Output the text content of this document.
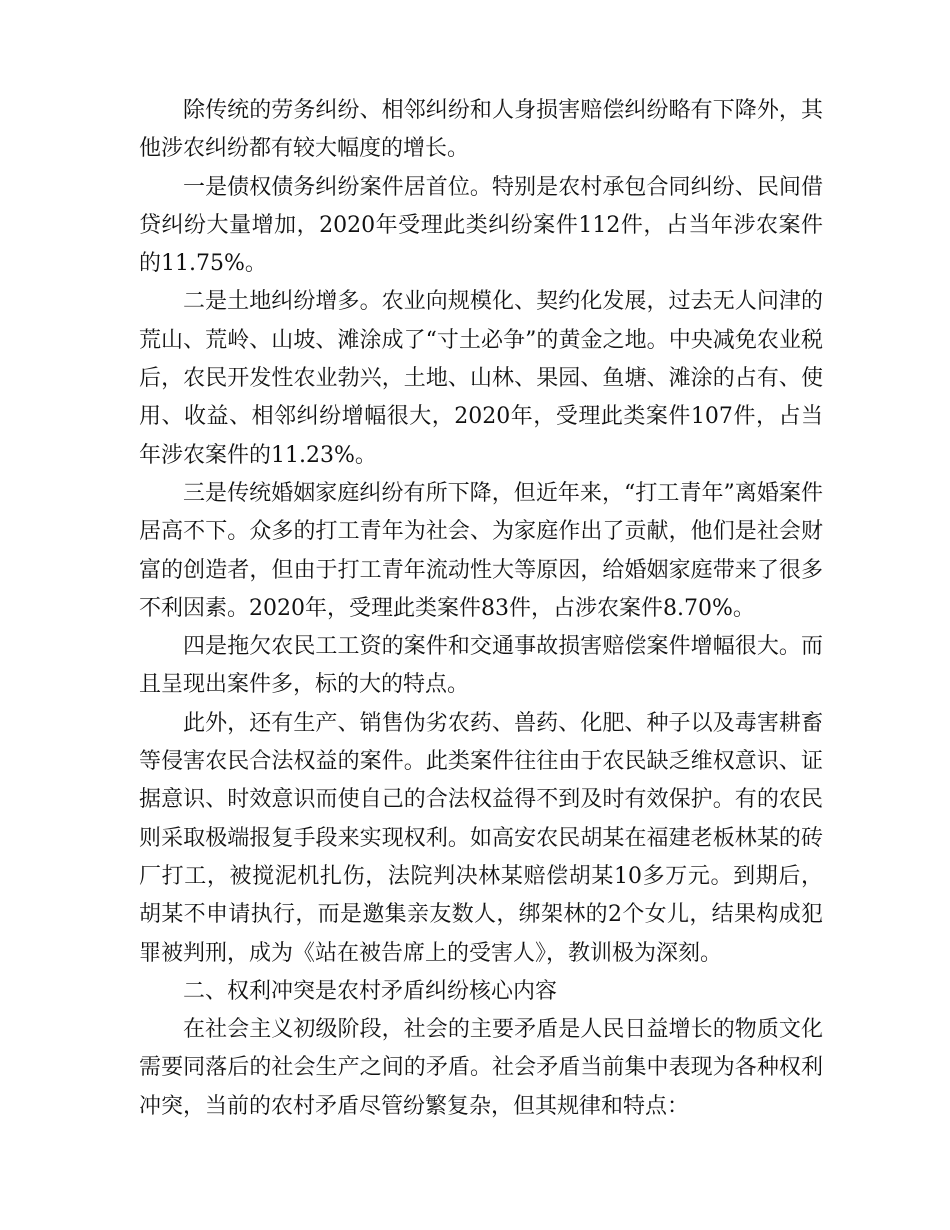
除传统的劳务纠纷、相邻纠纷和人身损害赔偿纠纷略有下降外，其他涉农纠纷都有较大幅度的增长。

一是债权债务纠纷案件居首位。特别是农村承包合同纠纷、民间借贷纠纷大量增加，2020年受理此类纠纷案件112件，占当年涉农案件的11.75%。

二是土地纠纷增多。农业向规模化、契约化发展，过去无人问津的荒山、荒岭、山坡、滩涂成了“寸土必争”的黄金之地。中央减免农业税后，农民开发性农业勃兴，土地、山林、果园、鱼塘、滩涂的占有、使用、收益、相邻纠纷增幅很大，2020年，受理此类案件107件，占当年涉农案件的11.23%。

三是传统婚姻家庭纠纷有所下降，但近年来，“打工青年”离婚案件居高不下。众多的打工青年为社会、为家庭作出了贡献，他们是社会财富的创造者，但由于打工青年流动性大等原因，给婚姻家庭带来了很多不利因素。2020年，受理此类案件83件，占涉农案件8.70%。

四是拖欠农民工工资的案件和交通事故损害赔偿案件增幅很大。而且呈现出案件多，标的大的特点。

此外，还有生产、销售伪劣农药、兽药、化肥、种子以及毒害耕畜等侵害农民合法权益的案件。此类案件往往由于农民缺乏维权意识、证据意识、时效意识而使自己的合法权益得不到及时有效保护。有的农民则采取极端报复手段来实现权利。如高安农民胡某在福建老板林某的砖厂打工，被搅泥机扎伤，法院判决林某赔偿胡某10多万元。到期后，胡某不申请执行，而是邀集亲友数人，绑架林的2个女儿，结果构成犯罪被判刑，成为《站在被告席上的受害人》，教训极为深刻。

二、权利冲突是农村矛盾纠纷核心内容

在社会主义初级阶段，社会的主要矛盾是人民日益增长的物质文化需要同落后的社会生产之间的矛盾。社会矛盾当前集中表现为各种权利冲突，当前的农村矛盾尽管纷繁复杂，但其规律和特点：
